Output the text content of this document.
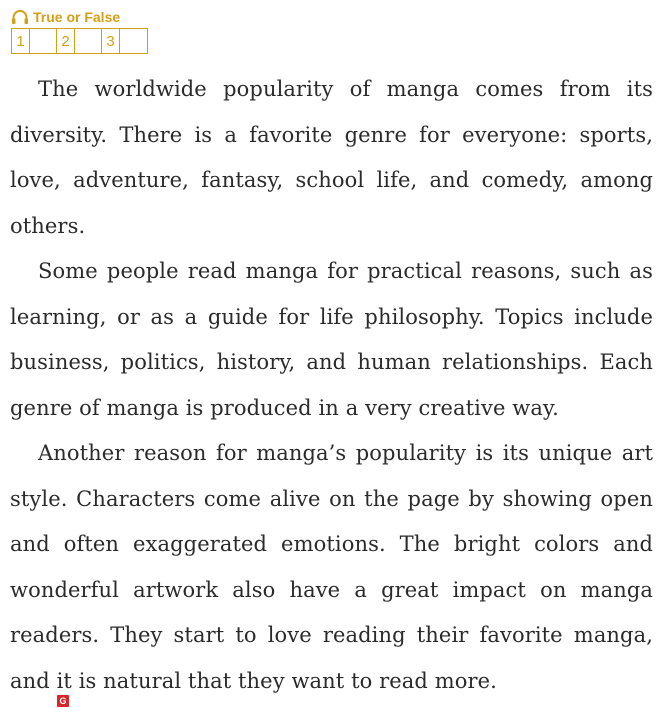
True or False
1	2	3

The worldwide popularity of manga comes from its diversity. There is a favorite genre for everyone: sports, love, adventure, fantasy, school life, and comedy, among others.

Some people read manga for practical reasons, such as learning, or as a guide for life philosophy. Topics include business, politics, history, and human relationships. Each genre of manga is produced in a very creative way.

Another reason for manga’s popularity is its unique art style. Characters come alive on the page by showing open and often exaggerated emotions. The bright colors and wonderful artwork also have a great impact on manga readers. They start to love reading their favorite manga, and it is natural that they want to read more.

G
